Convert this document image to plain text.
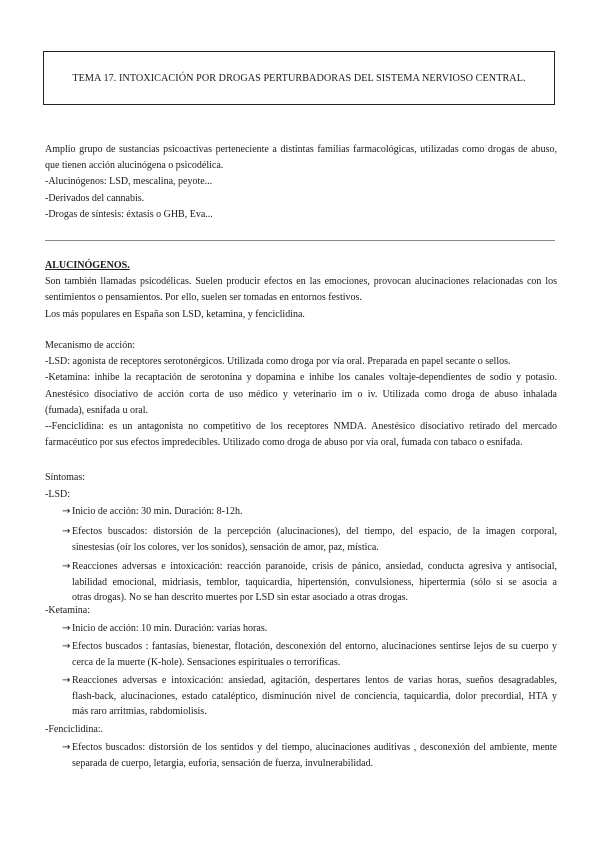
TEMA 17. INTOXICACIÓN POR DROGAS PERTURBADORAS DEL SISTEMA NERVIOSO CENTRAL.
Amplio grupo de sustancias psicoactivas perteneciente a distintas familias farmacológicas, utilizadas como drogas de abuso,
que tienen acción alucinógena o psicodélica.
-Alucinógenos: LSD, mescalina, peyote...
-Derivados del cannabis.
-Drogas de síntesis: éxtasis o GHB, Eva...
ALUCINÓGENOS.
Son también llamadas psicodélicas. Suelen producir efectos en las emociones, provocan alucinaciones relacionadas con los
sentimientos o pensamientos. Por ello, suelen ser tomadas en entornos festivos.
Los más populares en España son LSD, ketamina, y fenciclidina.
Mecanismo de acción:
-LSD: agonista de receptores serotonérgicos. Utilizada como droga por vía oral. Preparada en papel secante o sellos.
-Ketamina: inhibe la recaptación de serotonina y dopamina e inhibe los canales voltaje-dependientes de sodio y potasio.
Anestésico disociativo de acción corta de uso médico y veterinario im o iv. Utilizada como droga de abuso inhalada
(fumada), esnifada u oral.
--Fenciclidina: es un antagonista no competitivo de los receptores NMDA. Anestésico disociativo retirado del mercado
farmacéutico por sus efectos impredecibles. Utilizado como droga de abuso por vía oral, fumada con tabaco o esnifada.
Síntomas:
-LSD:
→ Inicio de acción: 30 min. Duración: 8-12h.
→ Efectos buscados: distorsión de la percepción (alucinaciones), del tiempo, del espacio, de la imagen corporal,
sinestesias (oír los colores, ver los sonidos), sensación de amor, paz, mística.
→ Reacciones adversas e intoxicación: reacción paranoide, crisis de pánico, ansiedad, conducta agresiva y antisocial,
labilidad emocional, midriasis, temblor, taquicardia, hipertensión, convulsioness, hipertermia (sólo si se asocia a
otras drogas). No se han descrito muertes por LSD sin estar asociado a otras drogas.
-Ketamina:
→ Inicio de acción: 10 min. Duración: varias horas.
→ Efectos buscados : fantasías, bienestar, flotación, desconexión del entorno, alucinaciones sentirse lejos de su cuerpo y
cerca de la muerte (K-hole). Sensaciones espirituales o terroríficas.
→ Reacciones adversas e intoxicación: ansiedad, agitación, despertares lentos de varias horas, sueños desagradables,
flash-back, alucinaciones, estado cataléptico, disminución nivel de conciencia, taquicardia, dolor precordial, HTA y
más raro arritmias, rabdomiolisis.
-Fenciclidina:.
→ Efectos buscados: distorsión de los sentidos y del tiempo, alucinaciones auditivas , desconexión del ambiente, mente
separada de cuerpo, letargia, euforia, sensación de fuerza, invulnerabilidad.
